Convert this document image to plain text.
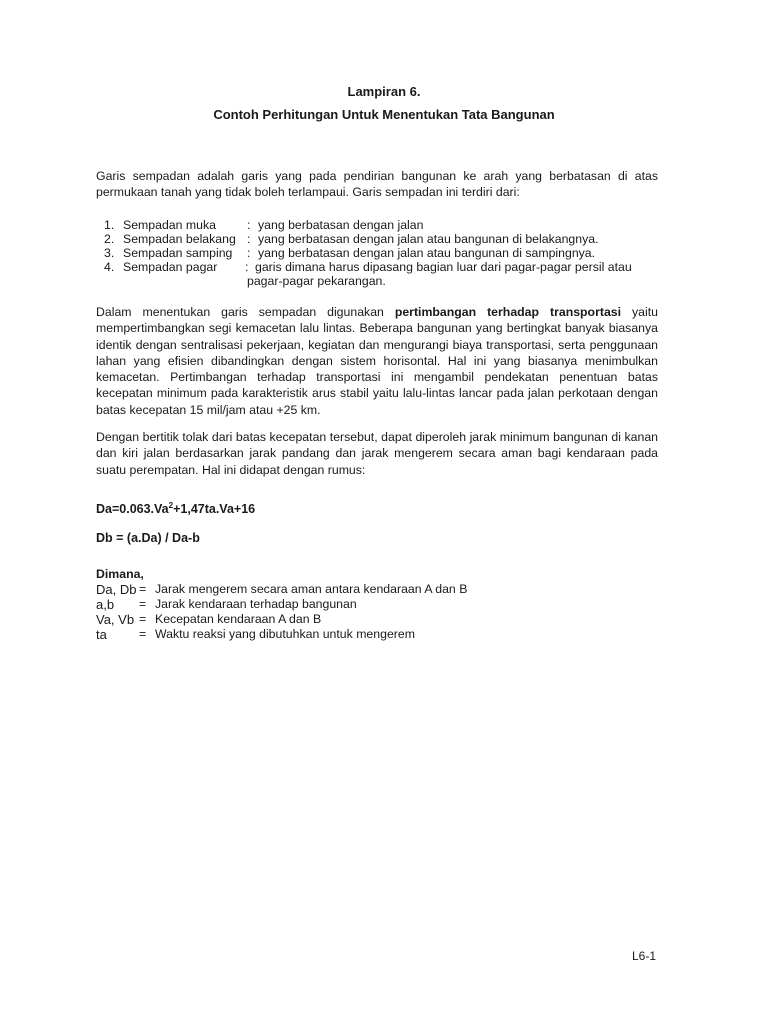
Lampiran 6.
Contoh Perhitungan Untuk Menentukan Tata Bangunan

Garis sempadan adalah garis yang pada pendirian bangunan ke arah yang berbatasan di atas permukaan tanah yang tidak boleh terlampaui. Garis sempadan ini terdiri dari:

1. Sempadan muka	: yang berbatasan dengan jalan
2. Sempadan belakang : yang berbatasan dengan jalan atau bangunan di belakangnya.
3. Sempadan samping : yang berbatasan dengan jalan atau bangunan di sampingnya.
4. Sempadan pagar : garis dimana harus dipasang bagian luar dari pagar-pagar persil atau
pagar-pagar pekarangan.

Dalam menentukan garis sempadan digunakan pertimbangan terhadap transportasi yaitu mempertimbangkan segi kemacetan lalu lintas. Beberapa bangunan yang bertingkat banyak biasanya identik dengan sentralisasi pekerjaan, kegiatan dan mengurangi biaya transportasi, serta penggunaan lahan yang efisien dibandingkan dengan sistem horisontal. Hal ini yang biasanya menimbulkan kemacetan. Pertimbangan terhadap transportasi ini mengambil pendekatan penentuan batas kecepatan minimum pada karakteristik arus stabil yaitu lalu-lintas lancar pada jalan perkotaan dengan batas kecepatan 15 mil/jam atau +25 km.

Dengan bertitik tolak dari batas kecepatan tersebut, dapat diperoleh jarak minimum bangunan di kanan dan kiri jalan berdasarkan jarak pandang dan jarak mengerem secara aman bagi kendaraan pada suatu perempatan. Hal ini didapat dengan rumus:

$Da=0.063.Va^2+1,47ta.Va+16$
Db = (a.Da) / Da-b
Dimana,
Da, Db = Jarak mengerem secara aman antara kendaraan A dan B
a,b = Jarak kendaraan terhadap bangunan
Va, Vb = Kecepatan kendaraan A dan B
ta	= Waktu reaksi yang dibutuhkan untuk mengerem
L6-1
